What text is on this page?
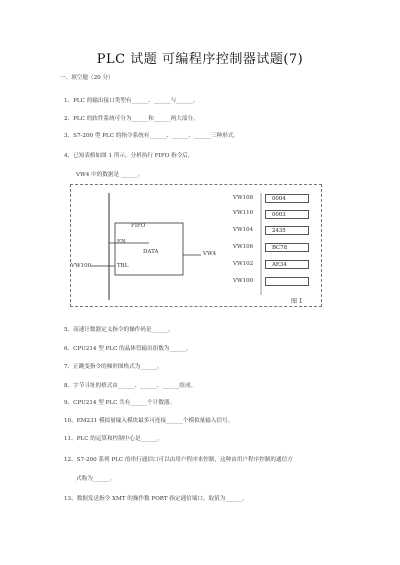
PLC 试题 可编程序控制器试题(7)
一、填空题（20 分）
1、PLC 的输出接口类型有______、______与______。
2、PLC 的软件系统可分为______和______两大部分。
3、S7-200 型 PLC 的指令系统有______、______、______三种形式。
4、已知表格如图 1 所示，分析执行 FIFO 指令后，
VW4 中的数据是 ______。
FIFO
EN
DATA
TBL
VW4
VW100
VW108
VW110
VW104
VW106
VW102
VW100
0004
0003
2435
BC78
AE34
图 1
5、高速计数器定义指令的操作码是______。
6、CPU214 型 PLC 的晶体管输出组数为______。
7、正跳变指令的梯形图格式为______。
8、字节寻址的格式由______、______、______组成。
9、CPU214 型 PLC 共有______个计数器。
10、EM231 模拟量输入模块最多可连接______个模拟量输入信号。
11、PLC 的运算和控制中心是______。
12、S7-200 系列 PLC 的串行通信口可以由用户程序来控制，这种由用户程序控制的通信方
式称为______。
13、数据发送指令 XMT 的操作数 PORT 指定通信端口，取值为______。
